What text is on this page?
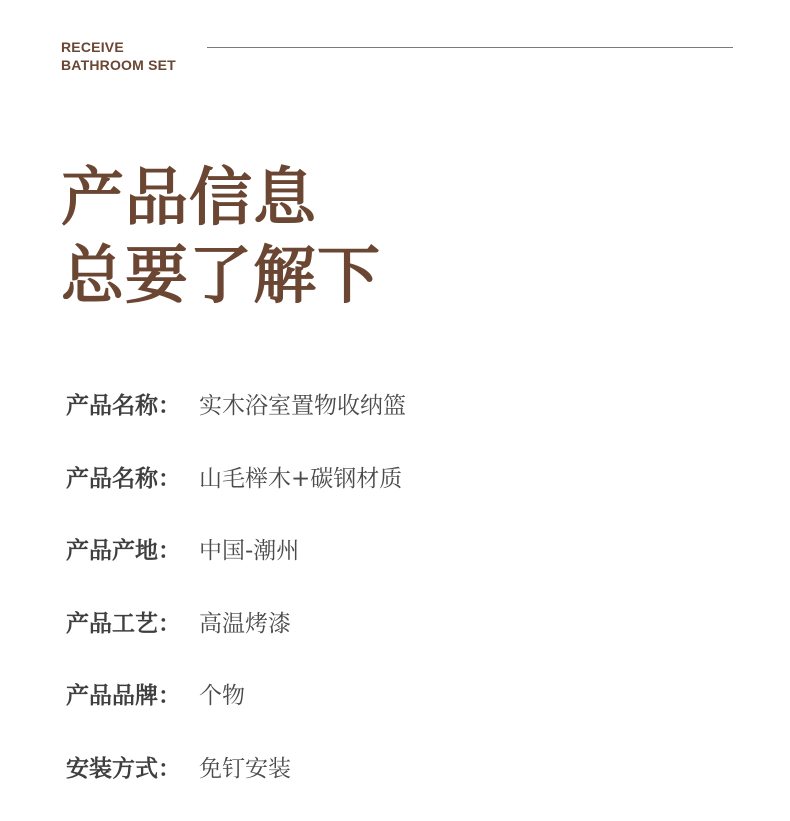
RECEIVE
BATHROOM SET
产品信息
总要了解下
产品名称： 实木浴室置物收纳篮
产品名称： 山毛榉木+碳钢材质
产品产地： 中国-潮州
产品工艺： 高温烤漆
产品品牌： 个物
安装方式： 免钉安装
